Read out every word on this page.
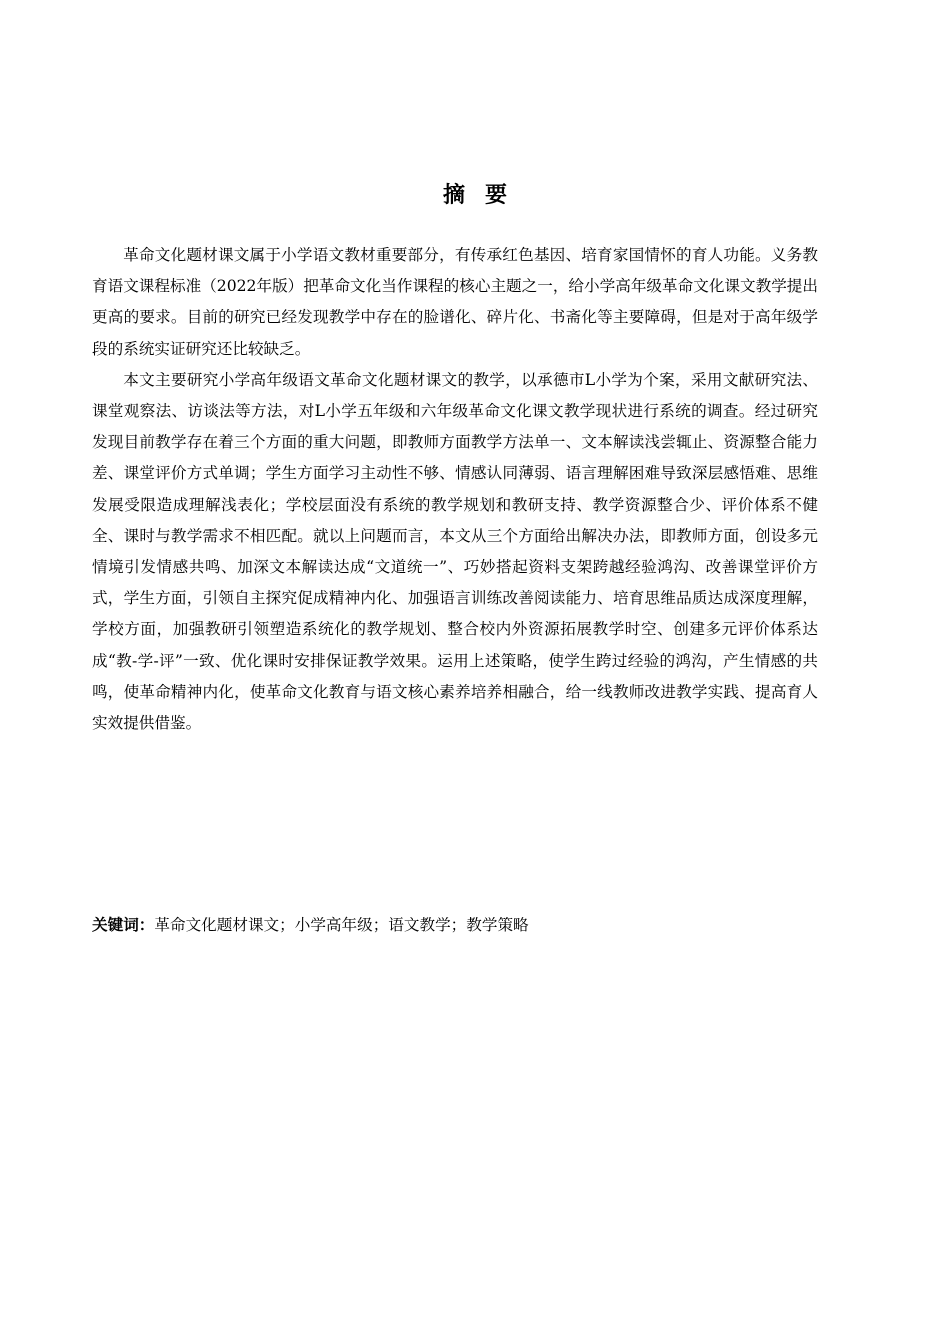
摘要

革命文化题材课文属于小学语文教材重要部分，有传承红色基因、培育家国情怀的育人功能。义务教育语文课程标准（2022年版）把革命文化当作课程的核心主题之一，给小学高年级革命文化课文教学提出更高的要求。目前的研究已经发现教学中存在的脸谱化、碎片化、书斋化等主要障碍，但是对于高年级学段的系统实证研究还比较缺乏。

本文主要研究小学高年级语文革命文化题材课文的教学，以承德市L小学为个案，采用文献研究法、课堂观察法、访谈法等方法，对L小学五年级和六年级革命文化课文教学现状进行系统的调查。经过研究发现目前教学存在着三个方面的重大问题，即教师方面教学方法单一、文本解读浅尝辄止、资源整合能力差、课堂评价方式单调；学生方面学习主动性不够、情感认同薄弱、语言理解困难导致深层感悟难、思维发展受限造成理解浅表化；学校层面没有系统的教学规划和教研支持、教学资源整合少、评价体系不健全、课时与教学需求不相匹配。就以上问题而言，本文从三个方面给出解决办法，即教师方面，创设多元情境引发情感共鸣、加深文本解读达成“文道统一”、巧妙搭起资料支架跨越经验鸿沟、改善课堂评价方式，学生方面，引领自主探究促成精神内化、加强语言训练改善阅读能力、培育思维品质达成深度理解，学校方面，加强教研引领塑造系统化的教学规划、整合校内外资源拓展教学时空、创建多元评价体系达成“教-学-评”一致、优化课时安排保证教学效果。运用上述策略，使学生跨过经验的鸿沟，产生情感的共鸣，使革命精神内化，使革命文化教育与语文核心素养培养相融合，给一线教师改进教学实践、提高育人实效提供借鉴。

关键词：革命文化题材课文；小学高年级；语文教学；教学策略
